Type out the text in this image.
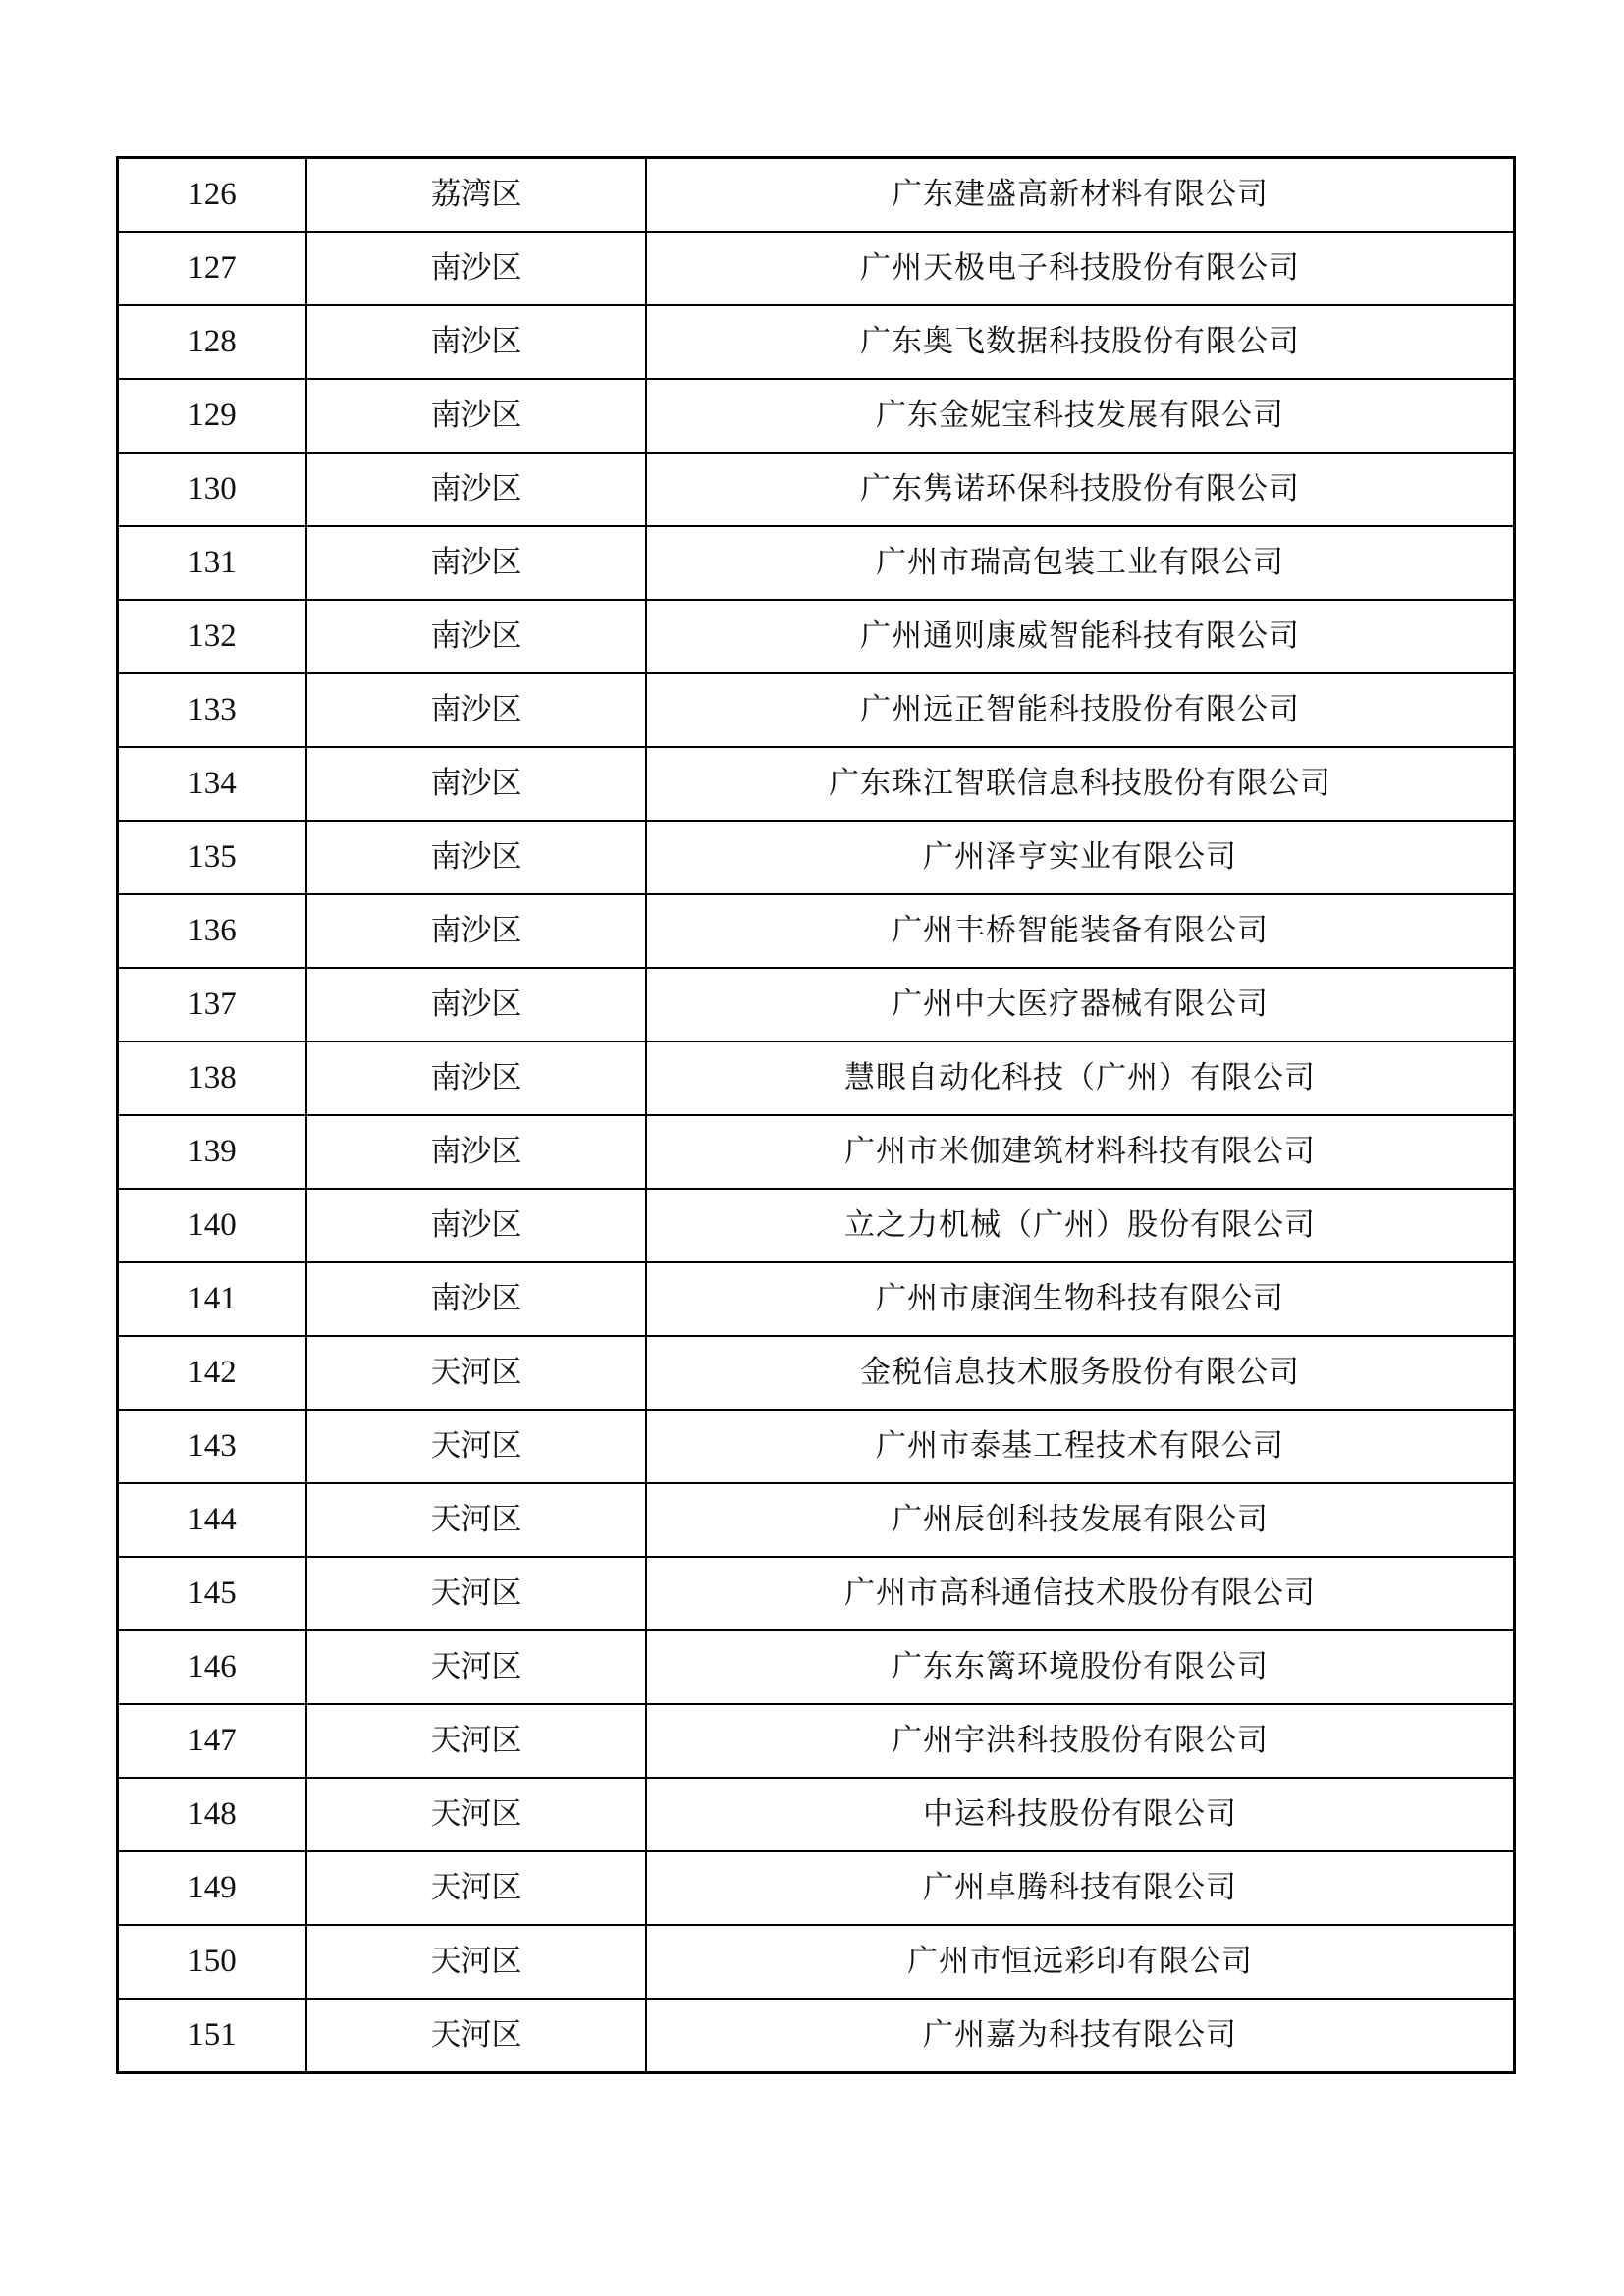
126	荔湾区	广东建盛高新材料有限公司
127	南沙区	广州天极电子科技股份有限公司
128	南沙区	广东奥飞数据科技股份有限公司
129	南沙区	广东金妮宝科技发展有限公司
130	南沙区	广东隽诺环保科技股份有限公司
131	南沙区	广州市瑞高包装工业有限公司
132	南沙区	广州通则康威智能科技有限公司
133	南沙区	广州远正智能科技股份有限公司
134	南沙区	广东珠江智联信息科技股份有限公司
135	南沙区	广州泽亨实业有限公司
136	南沙区	广州丰桥智能装备有限公司
137	南沙区	广州中大医疗器械有限公司
138	南沙区	慧眼自动化科技（广州）有限公司
139	南沙区	广州市米伽建筑材料科技有限公司
140	南沙区	立之力机械（广州）股份有限公司
141	南沙区	广州市康润生物科技有限公司
142	天河区	金税信息技术服务股份有限公司
143	天河区	广州市泰基工程技术有限公司
144	天河区	广州辰创科技发展有限公司
145	天河区	广州市高科通信技术股份有限公司
146	天河区	广东东篱环境股份有限公司
147	天河区	广州宇洪科技股份有限公司
148	天河区	中运科技股份有限公司
149	天河区	广州卓腾科技有限公司
150	天河区	广州市恒远彩印有限公司
151	天河区	广州嘉为科技有限公司
